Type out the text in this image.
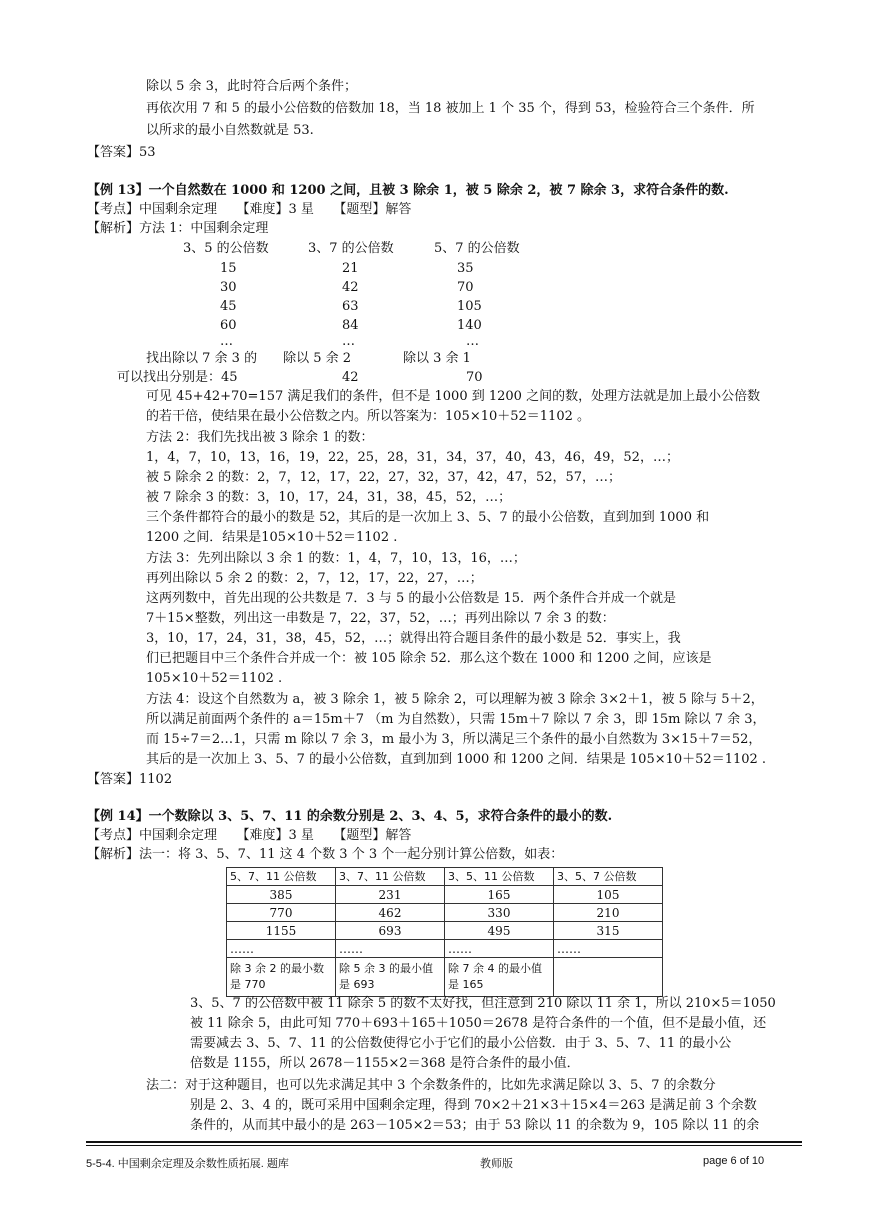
除以 5 余 3，此时符合后两个条件；
再依次用 7 和 5 的最小公倍数的倍数加 18，当 18 被加上 1 个 35 个，得到 53，检验符合三个条件．所
以所求的最小自然数就是 53.
【答案】53
【例 13】一个自然数在 1000 和 1200 之间，且被 3 除余 1，被 5 除余 2，被 7 除余 3，求符合条件的数.
【考点】中国剩余定理　　【难度】3 星　　【题型】解答
【解析】方法 1：中国剩余定理
3、5 的公倍数	3、7 的公倍数	5、7 的公倍数
15	21	35
30	42	70
45	63	105
60	84	140
…	…	…
找出除以 7 余 3 的　　除以 5 余 2　　　　除以 3 余 1
可以找出分别是：45	42	70
可见 45+42+70=157 满足我们的条件，但不是 1000 到 1200 之间的数，处理方法就是加上最小公倍数
的若干倍，使结果在最小公倍数之内。所以答案为：105×10＋52＝1102 。
方法 2：我们先找出被 3 除余 1 的数：
1，4，7，10，13，16，19，22，25，28，31，34，37，40，43，46，49，52，…；
被 5 除余 2 的数：2，7，12，17，22，27，32，37，42，47，52，57，…；
被 7 除余 3 的数：3，10，17，24，31，38，45，52，…；
三个条件都符合的最小的数是 52，其后的是一次加上 3、5、7 的最小公倍数，直到加到 1000 和
1200 之间．结果是105×10＋52＝1102 .
方法 3：先列出除以 3 余 1 的数：1，4，7，10，13，16，…；
再列出除以 5 余 2 的数：2，7，12，17，22，27，…；
这两列数中，首先出现的公共数是 7．3 与 5 的最小公倍数是 15．两个条件合并成一个就是
7＋15×整数，列出这一串数是 7，22，37，52，…；再列出除以 7 余 3 的数：
3，10，17，24，31，38，45，52，…；就得出符合题目条件的最小数是 52．事实上，我
们已把题目中三个条件合并成一个：被 105 除余 52．那么这个数在 1000 和 1200 之间，应该是
105×10＋52＝1102 .
方法 4：设这个自然数为 a，被 3 除余 1，被 5 除余 2，可以理解为被 3 除余 3×2＋1，被 5 除与 5＋2，
所以满足前面两个条件的 a＝15m＋7 （m 为自然数），只需 15m＋7 除以 7 余 3，即 15m 除以 7 余 3，
而 15÷7＝2…1，只需 m 除以 7 余 3，m 最小为 3，所以满足三个条件的最小自然数为 3×15＋7＝52，
其后的是一次加上 3、5、7 的最小公倍数，直到加到 1000 和 1200 之间．结果是 105×10＋52＝1102 .
【答案】1102
【例 14】一个数除以 3、5、7、11 的余数分别是 2、3、4、5，求符合条件的最小的数.
【考点】中国剩余定理　　【难度】3 星　　【题型】解答
【解析】法一：将 3、5、7、11 这 4 个数 3 个 3 个一起分别计算公倍数，如表：
5、7、11 公倍数	3、7、11 公倍数	3、5、11 公倍数	3、5、7 公倍数
385	231	165	105
770	462	330	210
1155	693	495	315
……	……	……	……
除 3 余 2 的最小数是 770	除 5 余 3 的最小值是 693	除 7 余 4 的最小值是 165	
3、5、7 的公倍数中被 11 除余 5 的数不太好找，但注意到 210 除以 11 余 1，所以 210×5＝1050
被 11 除余 5，由此可知 770＋693＋165＋1050＝2678 是符合条件的一个值，但不是最小值，还
需要减去 3、5、7、11 的公倍数使得它小于它们的最小公倍数．由于 3、5、7、11 的最小公
倍数是 1155，所以 2678－1155×2＝368 是符合条件的最小值．
法二：对于这种题目，也可以先求满足其中 3 个余数条件的，比如先求满足除以 3、5、7 的余数分
别是 2、3、4 的，既可采用中国剩余定理，得到 70×2＋21×3＋15×4＝263 是满足前 3 个余数
条件的，从而其中最小的是 263－105×2＝53；由于 53 除以 11 的余数为 9，105 除以 11 的余
5-5-4. 中国剩余定理及余数性质拓展. 题库	教师版	page 6 of 10
